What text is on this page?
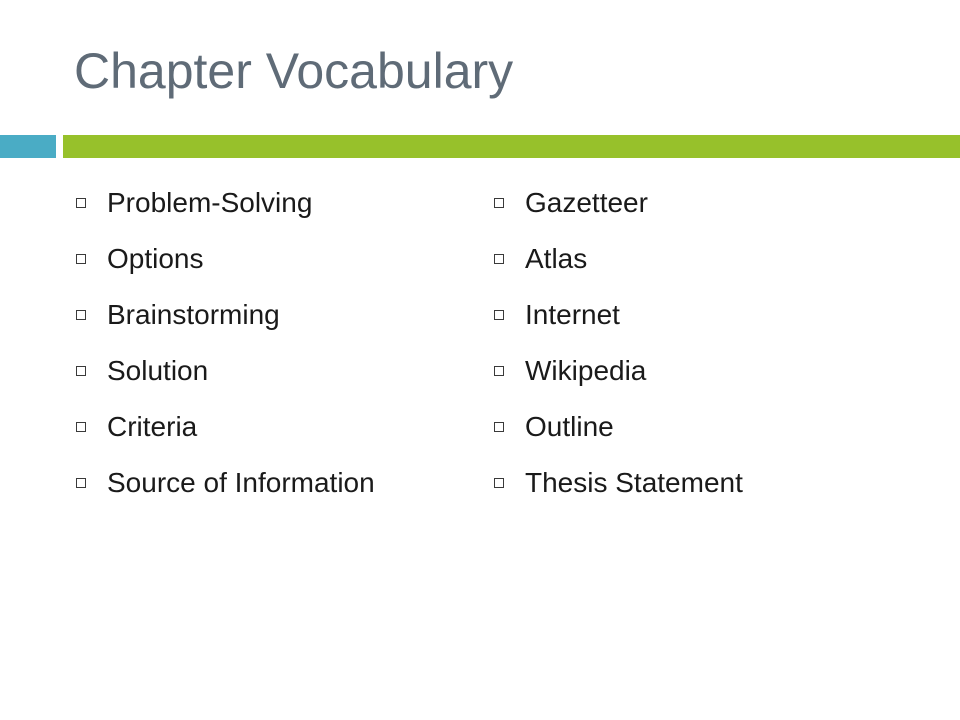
Chapter Vocabulary
Problem-Solving
Options
Brainstorming
Solution
Criteria
Source of Information
Gazetteer
Atlas
Internet
Wikipedia
Outline
Thesis Statement
